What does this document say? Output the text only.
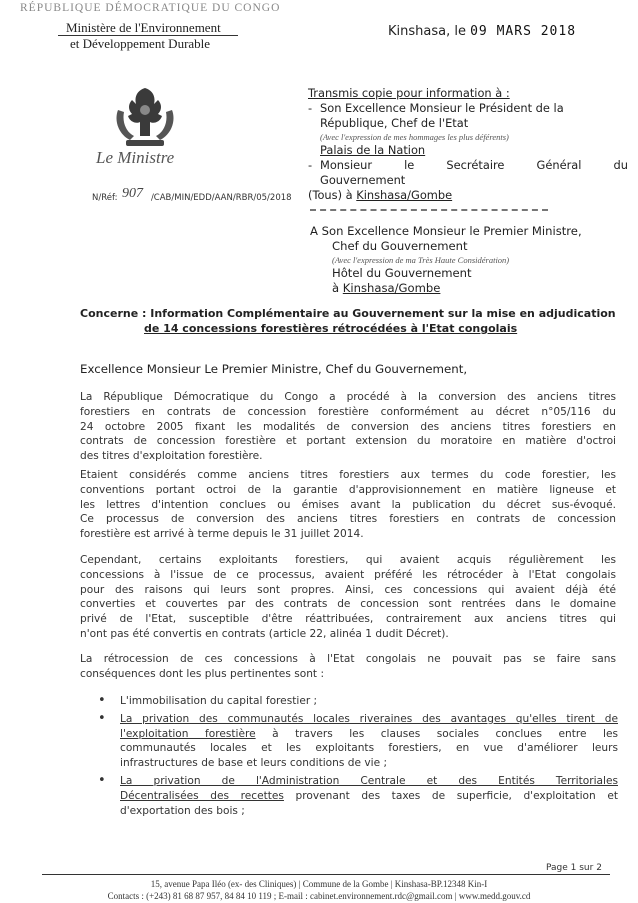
RÉPUBLIQUE DÉMOCRATIQUE DU CONGO
Ministère de l'Environnement
et Développement Durable
Le Ministre
Kinshasa, le 09 MARS 2018
Transmis copie pour information à :
- Son Excellence Monsieur le Président de la
République, Chef de l'Etat
(Avec l'expression de mes hommages les plus déférents)
Palais de la Nation
- Monsieur le Secrétaire Général du
Gouvernement
(Tous) à Kinshasa/Gombe
N/Réf:	/CAB/MIN/EDD/AAN/RBR/05/2018
907
A Son Excellence Monsieur le Premier Ministre,
Chef du Gouvernement
(Avec l'expression de ma Très Haute Considération)
Hôtel du Gouvernement
à Kinshasa/Gombe
Concerne : Information Complémentaire au Gouvernement sur la mise en adjudication
de 14 concessions forestières rétrocédées à l'Etat congolais
Excellence Monsieur Le Premier Ministre, Chef du Gouvernement,
La République Démocratique du Congo a procédé à la conversion des anciens titres
forestiers en contrats de concession forestière conformément au décret n°05/116 du
24 octobre 2005 fixant les modalités de conversion des anciens titres forestiers en
contrats de concession forestière et portant extension du moratoire en matière d'octroi
des titres d'exploitation forestière.
Etaient considérés comme anciens titres forestiers aux termes du code forestier, les
conventions portant octroi de la garantie d'approvisionnement en matière ligneuse et
les lettres d'intention conclues ou émises avant la publication du décret sus-évoqué.
Ce processus de conversion des anciens titres forestiers en contrats de concession
forestière est arrivé à terme depuis le 31 juillet 2014.
Cependant, certains exploitants forestiers, qui avaient acquis régulièrement les
concessions à l'issue de ce processus, avaient préféré les rétrocéder à l'Etat congolais
pour des raisons qui leurs sont propres. Ainsi, ces concessions qui avaient déjà été
converties et couvertes par des contrats de concession sont rentrées dans le domaine
privé de l'Etat, susceptible d'être réattribuées, contrairement aux anciens titres qui
n'ont pas été convertis en contrats (article 22, alinéa 1 dudit Décret).
La rétrocession de ces concessions à l'Etat congolais ne pouvait pas se faire sans
conséquences dont les plus pertinentes sont :
•	L'immobilisation du capital forestier ;
•	La privation des communautés locales riveraines des avantages qu'elles tirent de
l'exploitation forestière à travers les clauses sociales conclues entre les
communautés locales et les exploitants forestiers, en vue d'améliorer leurs
infrastructures de base et leurs conditions de vie ;
•	La privation de l'Administration Centrale et des Entités Territoriales
Décentralisées des recettes provenant des taxes de superficie, d'exploitation et
d'exportation des bois ;
Page 1 sur 2
15, avenue Papa Iléo (ex- des Cliniques) | Commune de la Gombe | Kinshasa-BP.12348 Kin-I
Contacts : (+243) 81 68 87 957, 84 84 10 119 ; E-mail : cabinet.environnement.rdc@gmail.com | www.medd.gouv.cd
